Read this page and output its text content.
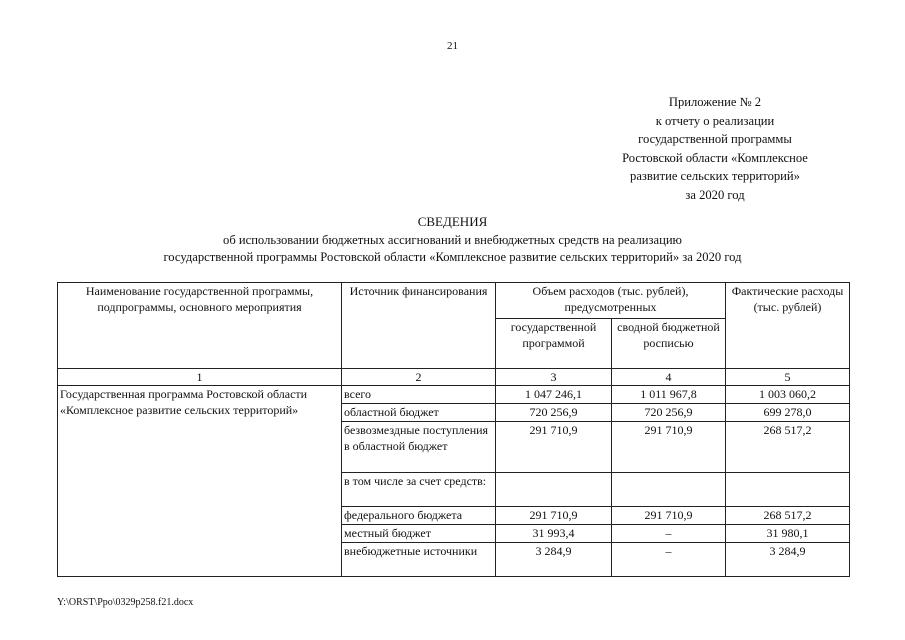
21
Приложение № 2
к отчету о реализации
государственной программы
Ростовской области «Комплексное
развитие сельских территорий»
за 2020 год
СВЕДЕНИЯ
об использовании бюджетных ассигнований и внебюджетных средств на реализацию
государственной программы Ростовской области «Комплексное развитие сельских территорий» за 2020 год
Наименование государственной программы, подпрограммы, основного мероприятия	Источник финансирования	Объем расходов (тыс. рублей), предусмотренных		Фактические расходы (тыс. рублей)
		государственной программой	сводной бюджетной росписью	
1	2	3	4	5
Государственная программа Ростовской области «Комплексное развитие сельских территорий»	всего	1 047 246,1	1 011 967,8	1 003 060,2
	областной бюджет	720 256,9	720 256,9	699 278,0
	безвозмездные поступления в областной бюджет	291 710,9	291 710,9	268 517,2
	в том числе за счет средств:			
	федерального бюджета	291 710,9	291 710,9	268 517,2
	местный бюджет	31 993,4	–	31 980,1
	внебюджетные источники	3 284,9	–	3 284,9
Y:\ORST\Ppo\0329p258.f21.docx
